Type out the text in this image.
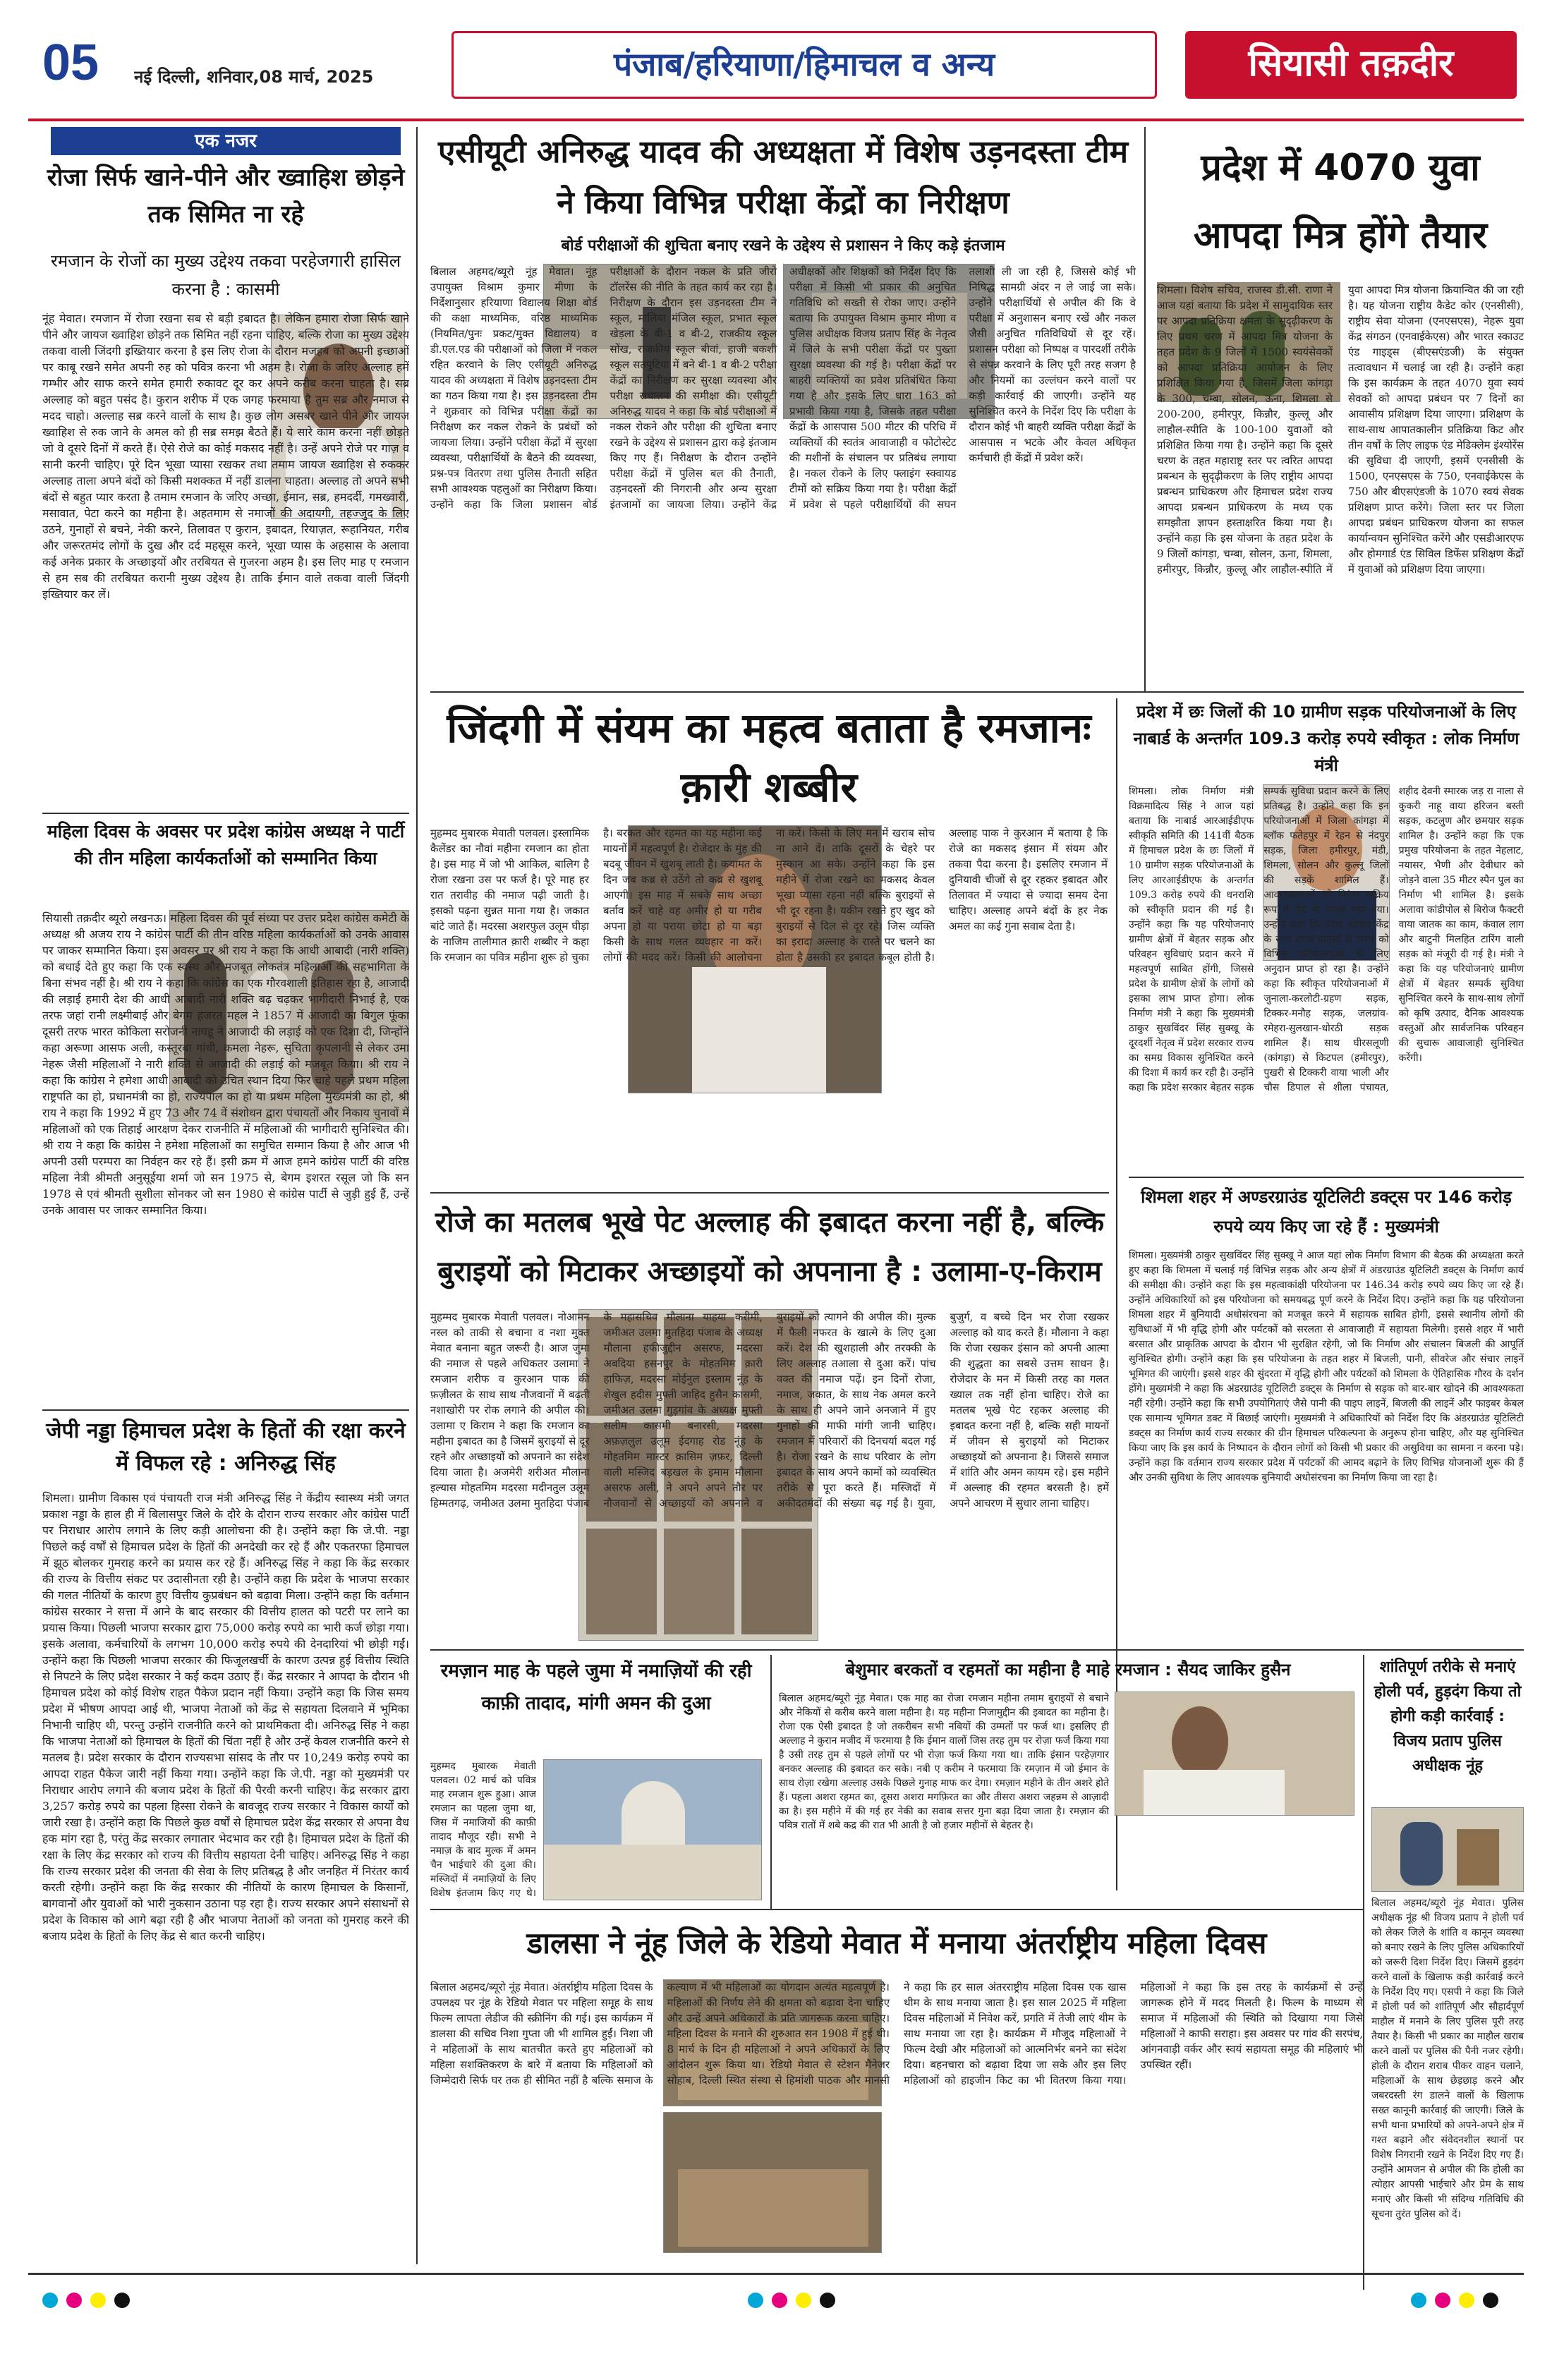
05	नई दिल्ली, शनिवार,08 मार्च, 2025	पंजाब/हरियाणा/हिमाचल व अन्य	सियासी तक़दीर
एक नजर
रोजा सिर्फ खाने-पीने और ख्वाहिश छोड़ने तक सिमित ना रहे
रमजान के रोजों का मुख्य उद्देश्य तकवा परहेजगारी हासिल करना है : कासमी
नूंह मेवात। रमजान में रोजा रखना सब से बड़ी इबादत है। लेकिन हमारा रोजा सिर्फ खाने पीने और जायज ख्वाहिश छोड़ने तक सिमित नहीं रहना चाहिए, बल्कि रोजा का मुख्य उद्देश्य तकवा वाली जिंदगी इख्तियार करना है इस लिए रोजा के दौरान मजहब को अपनी इच्छाओं पर काबू रखने समेत अपनी रुह को पवित्र करना भी अहम है। रोजा के जरिए अल्लाह हमें गम्भीर और साफ करने समेत हमारी रुकावट दूर कर अपने करीब करना चाहता है। सब्र अल्लाह को बहुत पसंद है। कुरान शरीफ में एक जगह फरमाया है तुम सब्र और नमाज से मदद चाहो। अल्लाह सब्र करने वालों के साथ है। कुछ लोग असबर खाने पीने और जायज ख्वाहिश से रुक जाने के अमल को ही सब्र समझ बैठते हैं। ये सारे काम करना नहीं छोड़ते जो वे दूसरे दिनों में करते हैं। ऐसे रोजे का कोई मकसद नहीं है। उन्हें अपने रोजे पर गाज़ व सानी करनी चाहिए। पूरे दिन भूखा प्यासा रखकर तथा तमाम जायज ख्वाहिश से रुककर अल्लाह ताला अपने बंदों को किसी मशक्कत में नहीं डालना चाहता। अल्लाह तो अपने सभी बंदों से बहुत प्यार करता है तमाम रमजान के जरिए अच्छा, ईमान, सब्र, हमदर्दी, गमख्वारी, मसावात, पेटा करने का महीना है। अहतमाम से नमाजों की अदायगी, तहज्जुद के लिए उठने, गुनाहों से बचने, नेकी करने, तिलावत ए कुरान, इबादत, रियाज़त, रूहानियत, गरीब और जरूरतमंद लोगों के दुख और दर्द महसूस करने, भूखा प्यास के अहसास के अलावा कई अनेक प्रकार के अच्छाइयों और तरबियत से गुजरना अहम है। इस लिए माह ए रमजान से हम सब की तरबियत करानी मुख्य उद्देश्य है। ताकि ईमान वाले तकवा वाली जिंदगी इख्तियार कर लें।
महिला दिवस के अवसर पर प्रदेश कांग्रेस अध्यक्ष ने पार्टी की तीन महिला कार्यकर्ताओं को सम्मानित किया
सियासी तक़दीर ब्यूरो लखनऊ। महिला दिवस की पूर्व संध्या पर उत्तर प्रदेश कांग्रेस कमेटी के अध्यक्ष श्री अजय राय ने कांग्रेस पार्टी की तीन वरिष्ठ महिला कार्यकर्ताओं को उनके आवास पर जाकर सम्मानित किया। इस अवसर पर श्री राय ने कहा कि आधी आबादी (नारी शक्ति) को बधाई देते हुए कहा कि एक स्वस्थ और मजबूत लोकतंत्र महिलाओं की सहभागिता के बिना संभव नहीं है। श्री राय ने कहा कि कांग्रेस का एक गौरवशाली इतिहास रहा है, आजादी की लड़ाई हमारी देश की आधी आबादी नारी शक्ति बढ़ चढ़कर भागीदारी निभाई है, एक तरफ जहां रानी लक्ष्मीबाई और बेगम हजरत महल ने 1857 में आजादी का बिगुल फूंका दूसरी तरफ भारत कोकिला सरोजनी नायडू ने आजादी की लड़ाई को एक दिशा दी, जिन्होंने कहा अरूणा आसफ अली, कस्तूरबा गांधी, कमला नेहरू, सुचिता कृपलानी से लेकर उमा नेहरू जैसी महिलाओं ने नारी शक्ति से आजादी की लड़ाई को मजबूत किया। श्री राय ने कहा कि कांग्रेस ने हमेशा आधी आबादी को उचित स्थान दिया फिर चाहे पहले प्रथम महिला राष्ट्रपति का हो, प्रधानमंत्री का हो, राज्यपाल का हो या प्रथम महिला मुख्यमंत्री का हो, श्री राय ने कहा कि 1992 में हुए 73 और 74 वें संशोधन द्वारा पंचायतों और निकाय चुनावों में महिलाओं को एक तिहाई आरक्षण देकर राजनीति में महिलाओं की भागीदारी सुनिश्चित की। श्री राय ने कहा कि कांग्रेस ने हमेशा महिलाओं का समुचित सम्मान किया है और आज भी अपनी उसी परम्परा का निर्वहन कर रहे हैं। इसी क्रम में आज हमने कांग्रेस पार्टी की वरिष्ठ महिला नेत्री श्रीमती अनुसूईया शर्मा जो सन 1975 से, बेगम इशरत रसूल जो कि सन 1978 से एवं श्रीमती सुशीला सोनकर जो सन 1980 से कांग्रेस पार्टी से जुड़ी हुई हैं, उन्हें उनके आवास पर जाकर सम्मानित किया।
जेपी नड्डा हिमाचल प्रदेश के हितों की रक्षा करने में विफल रहे : अनिरुद्ध सिंह
शिमला। ग्रामीण विकास एवं पंचायती राज मंत्री अनिरुद्ध सिंह ने केंद्रीय स्वास्थ्य मंत्री जगत प्रकाश नड्डा के हाल ही में बिलासपुर जिले के दौरे के दौरान राज्य सरकार और कांग्रेस पार्टी पर निराधार आरोप लगाने के लिए कड़ी आलोचना की है। उन्होंने कहा कि जे.पी. नड्डा पिछले कई वर्षों से हिमाचल प्रदेश के हितों की अनदेखी कर रहे हैं और एकतरफा हिमाचल में झूठ बोलकर गुमराह करने का प्रयास कर रहे हैं। अनिरुद्ध सिंह ने कहा कि केंद्र सरकार की राज्य के वित्तीय संकट पर उदासीनता रही है। उन्होंने कहा कि प्रदेश के भाजपा सरकार की गलत नीतियों के कारण हुए वित्तीय कुप्रबंधन को बढ़ावा मिला। उन्होंने कहा कि वर्तमान कांग्रेस सरकार ने सत्ता में आने के बाद सरकार की वित्तीय हालत को पटरी पर लाने का प्रयास किया। पिछली भाजपा सरकार द्वारा 75,000 करोड़ रुपये का भारी कर्ज छोड़ा गया। इसके अलावा, कर्मचारियों के लगभग 10,000 करोड़ रुपये की देनदारियां भी छोड़ी गईं। उन्होंने कहा कि पिछली भाजपा सरकार की फिजूलखर्ची के कारण उत्पन्न हुई वित्तीय स्थिति से निपटने के लिए प्रदेश सरकार ने कई कदम उठाए हैं। केंद्र सरकार ने आपदा के दौरान भी हिमाचल प्रदेश को कोई विशेष राहत पैकेज प्रदान नहीं किया। उन्होंने कहा कि जिस समय प्रदेश में भीषण आपदा आई थी, भाजपा नेताओं को केंद्र से सहायता दिलवाने में भूमिका निभानी चाहिए थी, परन्तु उन्होंने राजनीति करने को प्राथमिकता दी। अनिरुद्ध सिंह ने कहा कि भाजपा नेताओं को हिमाचल के हितों की चिंता नहीं है और उन्हें केवल राजनीति करने से मतलब है। प्रदेश सरकार के दौरान राज्यसभा सांसद के तौर पर 10,249 करोड़ रुपये का आपदा राहत पैकेज जारी नहीं किया गया। उन्होंने कहा कि जे.पी. नड्डा को मुख्यमंत्री पर निराधार आरोप लगाने की बजाय प्रदेश के हितों की पैरवी करनी चाहिए। केंद्र सरकार द्वारा 3,257 करोड़ रुपये का पहला हिस्सा रोकने के बावजूद राज्य सरकार ने विकास कार्यों को जारी रखा है। उन्होंने कहा कि पिछले कुछ वर्षों से हिमाचल प्रदेश केंद्र सरकार से अपना वैध हक मांग रहा है, परंतु केंद्र सरकार लगातार भेदभाव कर रही है। हिमाचल प्रदेश के हितों की रक्षा के लिए केंद्र सरकार को राज्य की वित्तीय सहायता देनी चाहिए। अनिरुद्ध सिंह ने कहा कि राज्य सरकार प्रदेश की जनता की सेवा के लिए प्रतिबद्ध है और जनहित में निरंतर कार्य करती रहेगी। उन्होंने कहा कि केंद्र सरकार की नीतियों के कारण हिमाचल के किसानों, बागवानों और युवाओं को भारी नुकसान उठाना पड़ रहा है। राज्य सरकार अपने संसाधनों से प्रदेश के विकास को आगे बढ़ा रही है और भाजपा नेताओं को जनता को गुमराह करने की बजाय प्रदेश के हितों के लिए केंद्र से बात करनी चाहिए।
एसीयूटी अनिरुद्ध यादव की अध्यक्षता में विशेष उड़नदस्ता टीम ने किया विभिन्न परीक्षा केंद्रों का निरीक्षण
बोर्ड परीक्षाओं की शुचिता बनाए रखने के उद्देश्य से प्रशासन ने किए कड़े इंतजाम
बिलाल अहमद/ब्यूरो नूंह मेवात। नूंह उपायुक्त विश्राम कुमार मीणा के निर्देशानुसार हरियाणा विद्यालय शिक्षा बोर्ड की कक्षा माध्यमिक, वरिष्ठ माध्यमिक (नियमित/पुनः प्रकट/मुक्त विद्यालय) व डी.एल.एड की परीक्षाओं को जिला में नकल रहित करवाने के लिए एसीयूटी अनिरुद्ध यादव की अध्यक्षता में विशेष उड़नदस्ता टीम का गठन किया गया है। इस उड़नदस्ता टीम ने शुक्रवार को विभिन्न परीक्षा केंद्रों का निरीक्षण कर नकल रोकने के प्रबंधों को जायजा लिया। उन्होंने परीक्षा केंद्रों में सुरक्षा व्यवस्था, परीक्षार्थियों के बैठने की व्यवस्था, प्रश्न-पत्र वितरण तथा पुलिस तैनाती सहित सभी आवश्यक पहलुओं का निरीक्षण किया। उन्होंने कहा कि जिला प्रशासन बोर्ड परीक्षाओं के दौरान नकल के प्रति जीरो टॉलरेंस की नीति के तहत कार्य कर रहा है। निरीक्षण के दौरान इस उड़नदस्ता टीम ने स्कूल, मालिया मंजिल स्कूल, प्रभात स्कूल खेड़ला के बी-1 व बी-2, राजकीय स्कूल सोंख, राजकीय स्कूल बीवां, हाजी बकशी स्कूल सतपुटिया में बने बी-1 व बी-2 परीक्षा केंद्रों का निरीक्षण कर सुरक्षा व्यवस्था और परीक्षा संचालन की समीक्षा की। एसीयूटी अनिरुद्ध यादव ने कहा कि बोर्ड परीक्षाओं में नकल रोकने और परीक्षा की शुचिता बनाए रखने के उद्देश्य से प्रशासन द्वारा कड़े इंतजाम किए गए हैं। निरीक्षण के दौरान उन्होंने परीक्षा केंद्रों में पुलिस बल की तैनाती, उड़नदस्तों की निगरानी और अन्य सुरक्षा इंतजामों का जायजा लिया। उन्होंने केंद्र अधीक्षकों और शिक्षकों को निर्देश दिए कि परीक्षा में किसी भी प्रकार की अनुचित गतिविधि को सख्ती से रोका जाए। उन्होंने बताया कि उपायुक्त विश्राम कुमार मीणा व पुलिस अधीक्षक विजय प्रताप सिंह के नेतृत्व में जिले के सभी परीक्षा केंद्रों पर पुख्ता सुरक्षा व्यवस्था की गई है। परीक्षा केंद्रों पर बाहरी व्यक्तियों का प्रवेश प्रतिबंधित किया गया है और इसके लिए धारा 163 को प्रभावी किया गया है, जिसके तहत परीक्षा केंद्रों के आसपास 500 मीटर की परिधि में व्यक्तियों की स्वतंत्र आवाजाही व फोटोस्टेट की मशीनों के संचालन पर प्रतिबंध लगाया है। नकल रोकने के लिए फ्लाइंग स्क्वायड टीमों को सक्रिय किया गया है। परीक्षा केंद्रों में प्रवेश से पहले परीक्षार्थियों की सघन तलाशी ली जा रही है, जिससे कोई भी निषिद्ध सामग्री अंदर न ले जाई जा सके। उन्होंने परीक्षार्थियों से अपील की कि वे परीक्षा में अनुशासन बनाए रखें और नकल जैसी अनुचित गतिविधियों से दूर रहें। प्रशासन परीक्षा को निष्पक्ष व पारदर्शी तरीके से संपन्न करवाने के लिए पूरी तरह सजग है और नियमों का उल्लंघन करने वालों पर कड़ी कार्रवाई की जाएगी। उन्होंने यह सुनिश्चित करने के निर्देश दिए कि परीक्षा के दौरान कोई भी बाहरी व्यक्ति परीक्षा केंद्रों के आसपास न भटके और केवल अधिकृत कर्मचारी ही केंद्रों में प्रवेश करें।
प्रदेश में 4070 युवा आपदा मित्र होंगे तैयार
शिमला। विशेष सचिव, राजस्व डी.सी. राणा ने आज यहां बताया कि प्रदेश में सामुदायिक स्तर पर आपदा प्रतिक्रिया क्षमता के सुदृढ़ीकरण के लिए प्रथम चरण में आपदा मित्र योजना के तहत प्रदेश के 9 जिलों में 1500 स्वयंसेवकों को आपदा प्रतिक्रिया आयोजन के लिए प्रशिक्षित किया गया है, जिसमें जिला कांगड़ा के 300, चम्बा, सोलन, ऊना, शिमला से 200-200, हमीरपुर, किन्नौर, कुल्लू और लाहौल-स्पीति के 100-100 युवाओं को प्रशिक्षित किया गया है। उन्होंने कहा कि दूसरे चरण के तहत महाराष्ट्र स्तर पर त्वरित आपदा प्रबन्धन के सुदृढ़ीकरण के लिए राष्ट्रीय आपदा प्रबन्धन प्राधिकरण और हिमाचल प्रदेश राज्य आपदा प्रबन्धन प्राधिकरण के मध्य एक समझौता ज्ञापन हस्ताक्षरित किया गया है। उन्होंने कहा कि इस योजना के तहत प्रदेश के 9 जिलों कांगड़ा, चम्बा, सोलन, ऊना, शिमला, हमीरपुर, किन्नौर, कुल्लू और लाहौल-स्पीति में युवा आपदा मित्र योजना क्रियान्वित की जा रही है। यह योजना राष्ट्रीय कैडेट कोर (एनसीसी), राष्ट्रीय सेवा योजना (एनएसएस), नेहरू युवा केंद्र संगठन (एनवाईकेएस) और भारत स्काउट एंड गाइड्स (बीएसएंडजी) के संयुक्त तत्वावधान में चलाई जा रही है। उन्होंने कहा कि इस कार्यक्रम के तहत 4070 युवा स्वयं सेवकों को आपदा प्रबंधन पर 7 दिनों का आवासीय प्रशिक्षण दिया जाएगा। प्रशिक्षण के साथ-साथ आपातकालीन प्रतिक्रिया किट और तीन वर्षों के लिए लाइफ एंड मेडिक्लेम इंश्योरेंस की सुविधा दी जाएगी, इसमें एनसीसी के 1500, एनएसएस के 750, एनवाईकेएस के 750 और बीएसएंडजी के 1070 स्वयं सेवक प्रशिक्षण प्राप्त करेंगे। जिला स्तर पर जिला आपदा प्रबंधन प्राधिकरण योजना का सफल कार्यान्वयन सुनिश्चित करेंगे और एसडीआरएफ और होमगार्ड एंड सिविल डिफेंस प्रशिक्षण केंद्रों में युवाओं को प्रशिक्षण दिया जाएगा।
जिंदगी में संयम का महत्व बताता है रमजानः क़ारी शब्बीर
मुहम्मद मुबारक मेवाती पलवल। इस्लामिक कैलेंडर का नौवां महीना रमजान का होता है। इस माह में जो भी आकिल, बालिग है रोजा रखना उस पर फर्ज है। पूरे माह हर रात तरावीह की नमाज पढ़ी जाती है। इसको पढ़ना सुन्नत माना गया है। जकात बांटे जाते हैं। मदरसा अशरफुल उलूम घीड़ा के नाजिम तालीमात क़ारी शब्बीर ने कहा कि रमजान का पवित्र महीना शुरू हो चुका है। बरकत और रहमत का यह महीना कई मायनों में महत्वपूर्ण है। रोजेदार के मुंह की बदबू जीवन में खुशबू लाती है। कयामत के दिन जब कब्र से उठेंगे तो कब्र से खुशबू आएगी। इस माह में सबके साथ अच्छा बर्ताव करें चाहे वह अमीर हो या गरीब अपना हो या पराया छोटा हो या बड़ा किसी के साथ गलत व्यवहार ना करें। लोगों की मदद करें। किसी की आलोचना ना करें। किसी के लिए मन में खराब सोच ना आने दें। ताकि दूसरों के चेहरे पर मुस्कान आ सके। उन्होंने कहा कि इस महीने में रोजा रखने का मकसद केवल भूखा प्यासा रहना नहीं बल्कि बुराइयों से भी दूर रहना है। यकीन रखते हुए खुद को बुराइयों से दिल से दूर रहे। जिस व्यक्ति का इरादा अल्लाह के रास्ते पर चलने का होता है उसकी हर इबादत कबूल होती है। अल्लाह पाक ने कुरआन में बताया है कि रोजे का मकसद इंसान में संयम और तकवा पैदा करना है। इसलिए रमजान में दुनियावी चीजों से दूर रहकर इबादत और तिलावत में ज्यादा से ज्यादा समय देना चाहिए। अल्लाह अपने बंदों के हर नेक अमल का कई गुना सवाब देता है।
प्रदेश में छः जिलों की 10 ग्रामीण सड़क परियोजनाओं के लिए नाबार्ड के अन्तर्गत 109.3 करोड़ रुपये स्वीकृत : लोक निर्माण मंत्री
शिमला। लोक निर्माण मंत्री विक्रमादित्य सिंह ने आज यहां बताया कि नाबार्ड आरआईडीएफ स्वीकृति समिति की 141वीं बैठक में हिमाचल प्रदेश के छः जिलों में 10 ग्रामीण सड़क परियोजनाओं के लिए आरआईडीएफ के अन्तर्गत 109.3 करोड़ रुपये की धनराशि को स्वीकृति प्रदान की गई है। उन्होंने कहा कि यह परियोजनाएं ग्रामीण क्षेत्रों में बेहतर सड़क और परिवहन सुविधाएं प्रदान करने में महत्वपूर्ण साबित होंगी, जिससे प्रदेश के ग्रामीण क्षेत्रों के लोगों को इसका लाभ प्राप्त होगा। लोक निर्माण मंत्री ने कहा कि मुख्यमंत्री ठाकुर सुखविंदर सिंह सुक्खू के दूरदर्शी नेतृत्व में प्रदेश सरकार राज्य का समग्र विकास सुनिश्चित करने की दिशा में कार्य कर रही है। उन्होंने कहा कि प्रदेश सरकार बेहतर सड़क सम्पर्क सुविधा प्रदान करने के लिए प्रतिबद्ध है। उन्होंने कहा कि इन परियोजनाओं में जिला कांगड़ा में ब्लॉक फतेहपुर में रेहन से नंदपुर सड़क, जिला हमीरपुर, मंडी, शिमला, सोलन और कुल्लू जिलों की सड़कें शामिल हैं। आवश्यकताओं को निरंतर सक्रिय रूप से केंद्र के समक्ष रखा गया। उन्होंने कहा कि प्रदेश सरकार केंद्र के साथ सतत प्रयासों से राज्य को विभिन्न परियोजनाओं के लिए अनुदान प्राप्त हो रहा है। उन्होंने कहा कि स्वीकृत परियोजनाओं में जुनाला-करलोटी-ग्रहण सड़क, टिक्कर-मनौह सड़क, जलग्रांव-रमेहरा-सुलखान-धोरठी सड़क शामिल हैं। साथ घीरसलूणी (कांगड़ा) से किटपल (हमीरपुर), पुखरी से टिक्करी वाया भाली और चौस डिपाल से शीला पंचायत, शहीद देवनी स्मारक जड़ रा नाला से कुकरी नाहू वाया हरिजन बस्ती सड़क, कटलुण और छमयार सड़क शामिल है। उन्होंने कहा कि एक प्रमुख परियोजना के तहत नेहलाट, नयासर, भैणी और देवीधार को जोड़ने वाला 35 मीटर स्पैन पुल का निर्माण भी शामिल है। इसके अलावा कांडीपोल से बिरोज फैक्टरी वाया जातक का काम, कंवाल लाग और बाटुनी मिलहित टारिंग वाली सड़क को मंजूरी दी गई है। मंत्री ने कहा कि यह परियोजनाएं ग्रामीण क्षेत्रों में बेहतर सम्पर्क सुविधा सुनिश्चित करने के साथ-साथ लोगों को कृषि उत्पाद, दैनिक आवश्यक वस्तुओं और सार्वजनिक परिवहन की सुचारू आवाजाही सुनिश्चित करेंगी।
शिमला शहर में अण्डरग्राउंड यूटिलिटी डक्ट्स पर 146 करोड़ रुपये व्यय किए जा रहे हैं : मुख्यमंत्री
शिमला। मुख्यमंत्री ठाकुर सुखविंदर सिंह सुक्खू ने आज यहां लोक निर्माण विभाग की बैठक की अध्यक्षता करते हुए कहा कि शिमला में चलाई गई विभिन्न सड़क और अन्य क्षेत्रों में अंडरग्राउंड यूटिलिटी डक्ट्स के निर्माण कार्य की समीक्षा की। उन्होंने कहा कि इस महत्वाकांक्षी परियोजना पर 146.34 करोड़ रुपये व्यय किए जा रहे हैं। उन्होंने अधिकारियों को इस परियोजना को समयबद्ध पूर्ण करने के निर्देश दिए। उन्होंने कहा कि यह परियोजना शिमला शहर में बुनियादी अधोसंरचना को मजबूत करने में सहायक साबित होगी, इससे स्थानीय लोगों की सुविधाओं में भी वृद्धि होगी और पर्यटकों को सरलता से आवाजाही में सहायता मिलेगी। इससे शहर में भारी बरसात और प्राकृतिक आपदा के दौरान भी सुरक्षित रहेगी, जो कि निर्माण और संचालन बिजली की आपूर्ति सुनिश्चित होगी। उन्होंने कहा कि इस परियोजना के तहत शहर में बिजली, पानी, सीवरेज और संचार लाइनें भूमिगत की जाएंगी। इससे शहर की सुंदरता में वृद्धि होगी और पर्यटकों को शिमला के ऐतिहासिक गौरव के दर्शन होंगे। मुख्यमंत्री ने कहा कि अंडरग्राउंड यूटिलिटी डक्ट्स के निर्माण से सड़क को बार-बार खोदने की आवश्यकता नहीं रहेगी। उन्होंने कहा कि सभी उपयोगिताएं जैसे पानी की पाइप लाइनें, बिजली की लाइनें और फाइबर केबल एक सामान्य भूमिगत डक्ट में बिछाई जाएंगी। मुख्यमंत्री ने अधिकारियों को निर्देश दिए कि अंडरग्राउंड यूटिलिटी डक्ट्स का निर्माण कार्य राज्य सरकार की ग्रीन हिमाचल परिकल्पना के अनुरूप होना चाहिए, और यह सुनिश्चित किया जाए कि इस कार्य के निष्पादन के दौरान लोगों को किसी भी प्रकार की असुविधा का सामना न करना पड़े। उन्होंने कहा कि वर्तमान राज्य सरकार प्रदेश में पर्यटकों की आमद बढ़ाने के लिए विभिन्न योजनाओं शुरू की हैं और उनकी सुविधा के लिए आवश्यक बुनियादी अधोसंरचना का निर्माण किया जा रहा है।
रोजे का मतलब भूखे पेट अल्लाह की इबादत करना नहीं है, बल्कि बुराइयों को मिटाकर अच्छाइयों को अपनाना है : उलामा-ए-किराम
मुहम्मद मुबारक मेवाती पलवल। नोआमन नस्ल को ताकी से बचाना व नशा मुक्त मेवात बनाना बहुत जरूरी है। आज जुमा की नमाज से पहले अधिकतर उलामा ने रमजान शरीफ व कुरआन पाक की फ़ज़ीलत के साथ साथ नौजवानों में बढ़ती नशाखोरी पर रोक लगाने की अपील की। उलामा ए किराम ने कहा कि रमजान का महीना इबादत का है जिसमें बुराइयों से दूर रहने और अच्छाइयों को अपनाने का संदेश दिया जाता है। अजमेरी शरीअत मौलाना इल्यास मोहतमिम मदरसा मदीनतुल उलूम हिम्मतगढ़, जमीअत उलमा मुतहिदा पंजाब के महासचिव मौलाना याहया करीमी, जमीअत उलमा मुतहिदा पंजाब के अध्यक्ष मौलाना हफीजुद्दीन असरफ, मदरसा अबदिया हसनपुर के मोहतमिम क़ारी हाफिज़, मदरसा मोईनुल इस्लाम नूंह के शेखुल हदीस मुफ्ती जाहिद हुसैन कासमी, जमीअत उलमा गुड़गांव के अध्यक्ष मुफ्ती सलीम कासमी बनारसी, मदरसा अफ़ज़लुल उलूम ईदगाह रोड नूंह के मोहतमिम मास्टर क़ासिम ज़फ़र, दिल्ली वाली मस्जिद बड़खल के इमाम मौलाना असरफ अली, ने अपने अपने तौर पर नौजवानों से अच्छाइयों को अपनाने व बुराइयों को त्यागने की अपील की। मुल्क में फैली नफरत के खात्मे के लिए दुआ करें। देश की खुशहाली और तरक्की के लिए अल्लाह तआला से दुआ करें। पांच वक्त की नमाज पढ़ें। इन दिनों रोजा, नमाज, जकात, के साथ नेक अमल करने के साथ ही अपने जाने अनजाने में हुए गुनाहों की माफी मांगी जानी चाहिए। रमजान में परिवारों की दिनचर्या बदल गई है। रोजा रखने के साथ परिवार के लोग इबादत के साथ अपने कामों को व्यवस्थित तरीके से पूरा करते हैं। मस्जिदों में अकीदतमंदों की संख्या बढ़ गई है। युवा, बुजुर्ग, व बच्चे दिन भर रोजा रखकर अल्लाह को याद करते हैं। मौलाना ने कहा कि रोजा रखकर इंसान को अपनी आत्मा की शुद्धता का सबसे उत्तम साधन है। रोजेदार के मन में किसी तरह का गलत ख्याल तक नहीं होना चाहिए। रोजे का मतलब भूखे पेट रहकर अल्लाह की इबादत करना नहीं है, बल्कि सही मायनों में जीवन से बुराइयों को मिटाकर अच्छाइयों को अपनाना है। जिससे समाज में शांति और अमन कायम रहे। इस महीने में अल्लाह की रहमत बरसती है। हमें अपने आचरण में सुधार लाना चाहिए।
रमज़ान माह के पहले जुमा में नमाज़ियों की रही काफ़ी तादाद, मांगी अमन की दुआ
मुहम्मद मुबारक मेवाती पलवल। 02 मार्च को पवित्र माह रमजान शुरू हुआ। आज रमजान का पहला जुमा था, जिस में नमाजियों की काफ़ी तादाद मौजूद रही। सभी ने नमाज़ के बाद मुल्क में अमन चैन भाईचारे की दुआ की। मस्जिदों में नमाज़ियों के लिए विशेष इंतजाम किए गए थे।
बेशुमार बरकतों व रहमतों का महीना है माहे रमजान : सैयद जाकिर हुसैन
बिलाल अहमद/ब्यूरो नूंह मेवात। एक माह का रोजा रमजान महीना तमाम बुराइयों से बचाने और नेकियों से करीब करने वाला महीना है। यह महीना निजामुद्दीन की इबादत का महीना है। रोजा एक ऐसी इबादत है जो तकरीबन सभी नबियों की उम्मतों पर फर्ज था। इसलिए ही अल्लाह ने कुरान मजीद में फरमाया है कि ईमान वालों जिस तरह तुम पर रोज़ा फर्ज किया गया है उसी तरह तुम से पहले लोगों पर भी रोज़ा फर्ज किया गया था। ताकि इंसान परहेज़गार बनकर अल्लाह की इबादत कर सके। नबी ए करीम ने फरमाया कि रमज़ान में जो ईमान के साथ रोज़ा रखेगा अल्लाह उसके पिछले गुनाह माफ कर देगा। रमज़ान महीने के तीन अशरे होते हैं। पहला अशरा रहमत का, दूसरा अशरा मगफ़िरत का और तीसरा अशरा जहन्नम से आज़ादी का है। इस महीने में की गई हर नेकी का सवाब सत्तर गुना बढ़ा दिया जाता है। रमज़ान की पवित्र रातों में शबे कद्र की रात भी आती है जो हजार महीनों से बेहतर है।
शांतिपूर्ण तरीके से मनाएं होली पर्व, हुड़दंग किया तो होगी कड़ी कार्रवाई : विजय प्रताप पुलिस अधीक्षक नूंह
बिलाल अहमद/ब्यूरो नूंह मेवात। पुलिस अधीक्षक नूंह श्री विजय प्रताप ने होली पर्व को लेकर जिले के शांति व कानून व्यवस्था को बनाए रखने के लिए पुलिस अधिकारियों को जरूरी दिशा निर्देश दिए। जिसमें हुड़दंग करने वालों के खिलाफ कड़ी कार्रवाई करने के निर्देश दिए गए। एसपी ने कहा कि जिले में होली पर्व को शांतिपूर्ण और सौहार्दपूर्ण माहौल में मनाने के लिए पुलिस पूरी तरह तैयार है। किसी भी प्रकार का माहौल खराब करने वालों पर पुलिस की पैनी नजर रहेगी। होली के दौरान शराब पीकर वाहन चलाने, महिलाओं के साथ छेड़छाड़ करने और जबरदस्ती रंग डालने वालों के खिलाफ सख्त कानूनी कार्रवाई की जाएगी। जिले के सभी थाना प्रभारियों को अपने-अपने क्षेत्र में गश्त बढ़ाने और संवेदनशील स्थानों पर विशेष निगरानी रखने के निर्देश दिए गए हैं। उन्होंने आमजन से अपील की कि होली का त्योहार आपसी भाईचारे और प्रेम के साथ मनाएं और किसी भी संदिग्ध गतिविधि की सूचना तुरंत पुलिस को दें।
डालसा ने नूंह जिले के रेडियो मेवात में मनाया अंतर्राष्ट्रीय महिला दिवस
बिलाल अहमद/ब्यूरो नूंह मेवात। अंतर्राष्ट्रीय महिला दिवस के उपलक्ष्य पर नूंह के रेडियो मेवात पर महिला समूह के साथ फिल्म लापता लेडीज की स्क्रीनिंग की गई। इस कार्यक्रम में डालसा की सचिव निशा गुप्ता जी भी शामिल हुईं। निशा जी ने महिलाओं के साथ बातचीत करते हुए महिलाओं को महिला सशक्तिकरण के बारे में बताया कि महिलाओं को जिम्मेदारी सिर्फ घर तक ही सीमित नहीं है बल्कि समाज के कल्याण में भी महिलाओं का योगदान अत्यंत महत्वपूर्ण है। महिलाओं की निर्णय लेने की क्षमता को बढ़ावा देना चाहिए और उन्हें अपने अधिकारों के प्रति जागरूक करना चाहिए। महिला दिवस के मनाने की शुरुआत सन 1908 में हुई थी। 8 मार्च के दिन ही महिलाओं ने अपने अधिकारों के लिए आंदोलन शुरू किया था। रेडियो मेवात से स्टेशन मैनेजर सोहाब, दिल्ली स्थित संस्था से हिमांशी पाठक और मानसी ने कहा कि हर साल अंतरराष्ट्रीय महिला दिवस एक खास थीम के साथ मनाया जाता है। इस साल 2025 में महिला दिवस महिलाओं में निवेश करें, प्रगति में तेजी लाएं थीम के साथ मनाया जा रहा है। कार्यक्रम में मौजूद महिलाओं ने फिल्म देखी और महिलाओं को आत्मनिर्भर बनने का संदेश दिया। बहनचारा को बढ़ावा दिया जा सके और इस लिए महिलाओं को हाइजीन किट का भी वितरण किया गया। महिलाओं ने कहा कि इस तरह के कार्यक्रमों से उन्हें जागरूक होने में मदद मिलती है। फिल्म के माध्यम से समाज में महिलाओं की स्थिति को दिखाया गया जिसे महिलाओं ने काफी सराहा। इस अवसर पर गांव की सरपंच, आंगनवाड़ी वर्कर और स्वयं सहायता समूह की महिलाएं भी उपस्थित रहीं।
